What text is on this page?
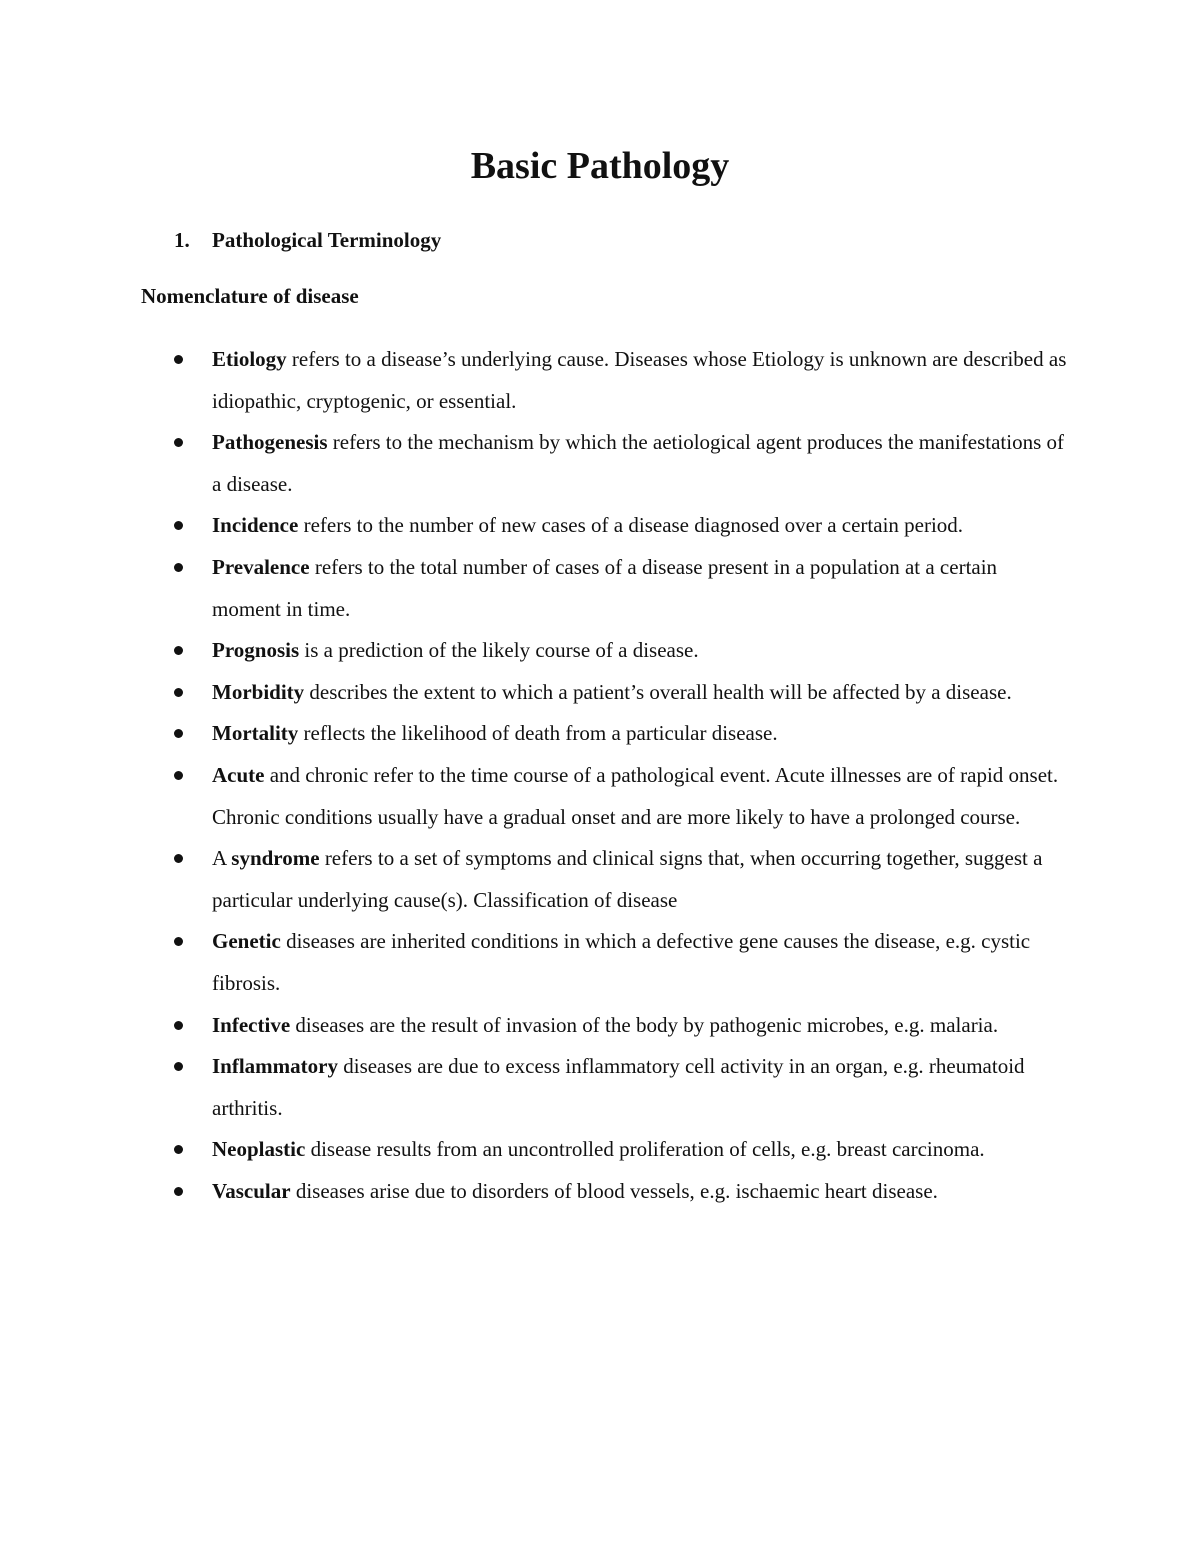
Basic Pathology
1. Pathological Terminology
Nomenclature of disease
Etiology refers to a disease’s underlying cause. Diseases whose Etiology is unknown are described as idiopathic, cryptogenic, or essential.
Pathogenesis refers to the mechanism by which the aetiological agent produces the manifestations of a disease.
Incidence refers to the number of new cases of a disease diagnosed over a certain period.
Prevalence refers to the total number of cases of a disease present in a population at a certain moment in time.
Prognosis is a prediction of the likely course of a disease.
Morbidity describes the extent to which a patient’s overall health will be affected by a disease.
Mortality reflects the likelihood of death from a particular disease.
Acute and chronic refer to the time course of a pathological event. Acute illnesses are of rapid onset. Chronic conditions usually have a gradual onset and are more likely to have a prolonged course.
A syndrome refers to a set of symptoms and clinical signs that, when occurring together, suggest a particular underlying cause(s). Classification of disease
Genetic diseases are inherited conditions in which a defective gene causes the disease, e.g. cystic fibrosis.
Infective diseases are the result of invasion of the body by pathogenic microbes, e.g. malaria.
Inflammatory diseases are due to excess inflammatory cell activity in an organ, e.g. rheumatoid arthritis.
Neoplastic disease results from an uncontrolled proliferation of cells, e.g. breast carcinoma.
Vascular diseases arise due to disorders of blood vessels, e.g. ischaemic heart disease.
